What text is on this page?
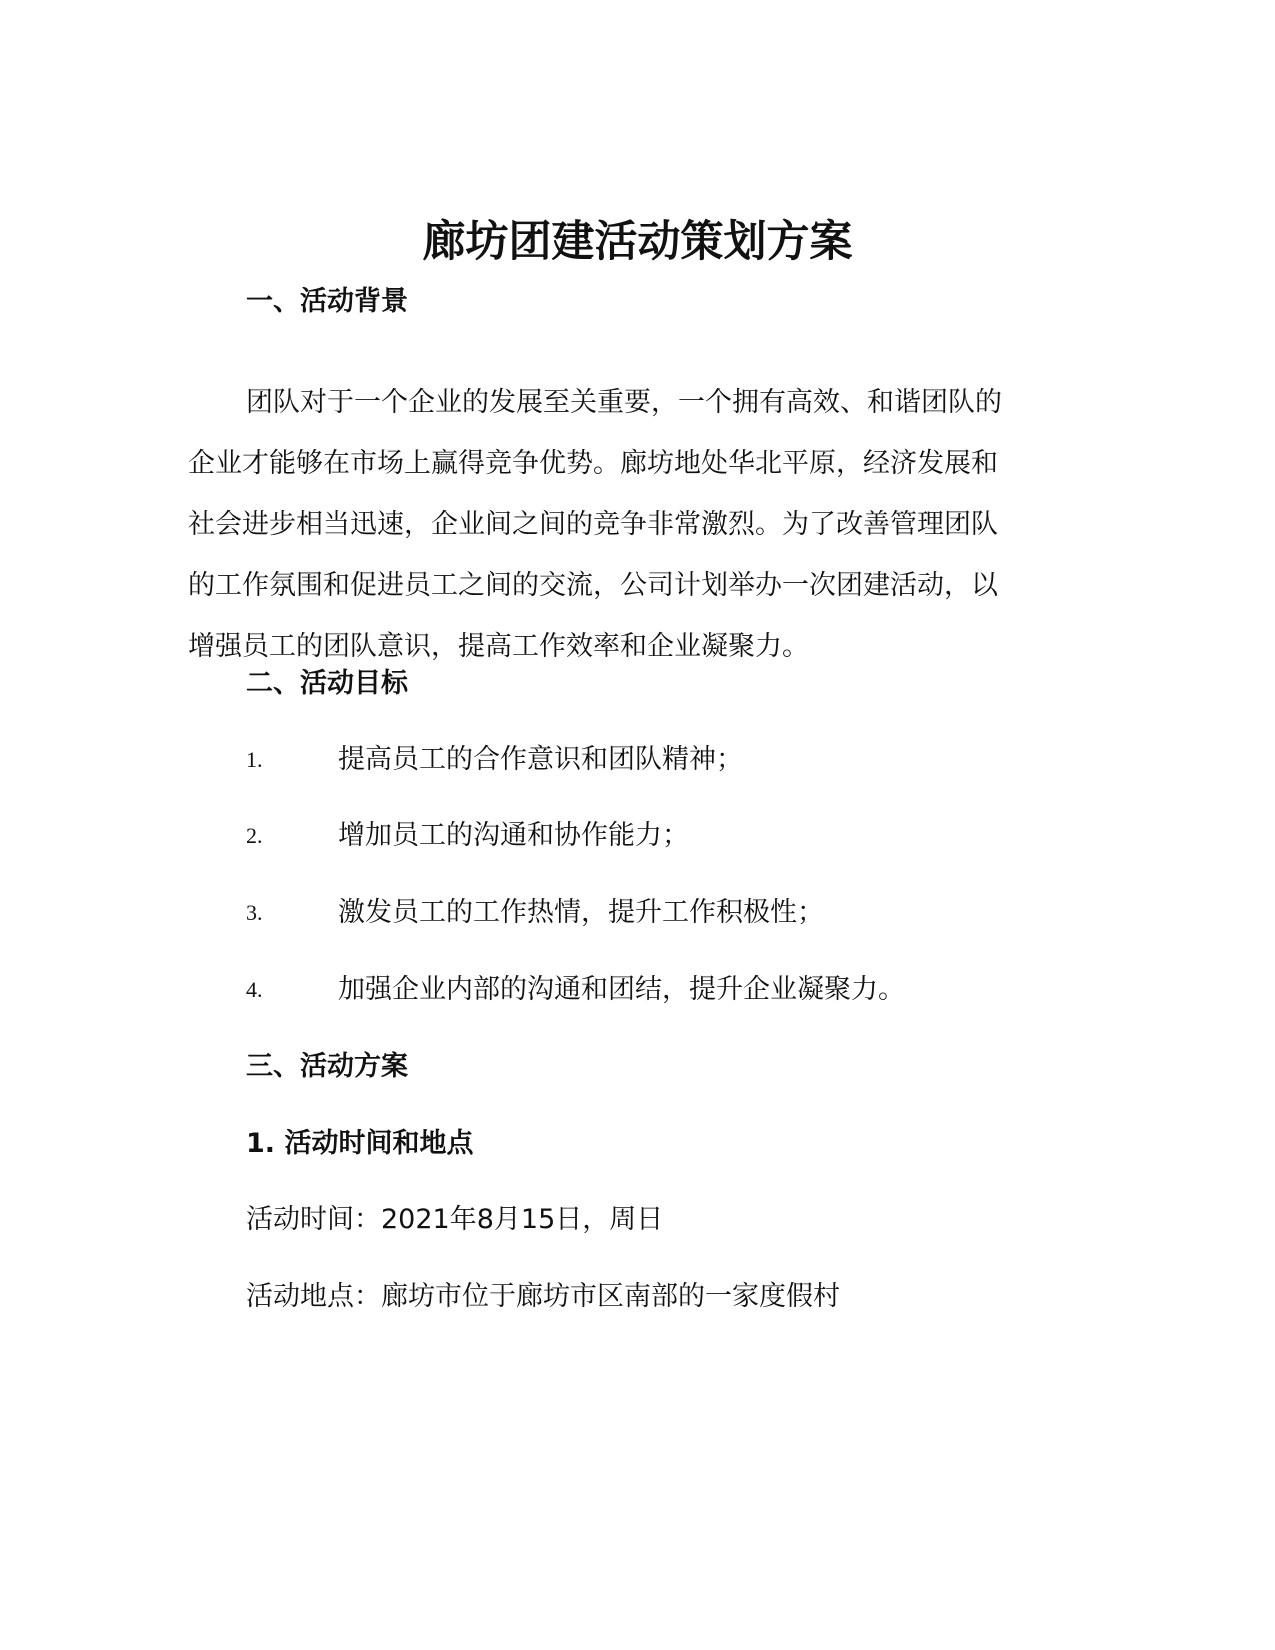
廊坊团建活动策划方案
一、活动背景
团队对于一个企业的发展至关重要，一个拥有高效、和谐团队的
企业才能够在市场上赢得竞争优势。廊坊地处华北平原，经济发展和
社会进步相当迅速，企业间之间的竞争非常激烈。为了改善管理团队
的工作氛围和促进员工之间的交流，公司计划举办一次团建活动，以
增强员工的团队意识，提高工作效率和企业凝聚力。
二、活动目标
1.	提高员工的合作意识和团队精神；
2.	增加员工的沟通和协作能力；
3.	激发员工的工作热情，提升工作积极性；
4.	加强企业内部的沟通和团结，提升企业凝聚力。
三、活动方案
1. 活动时间和地点
活动时间：2021年8月15日，周日
活动地点：廊坊市位于廊坊市区南部的一家度假村
